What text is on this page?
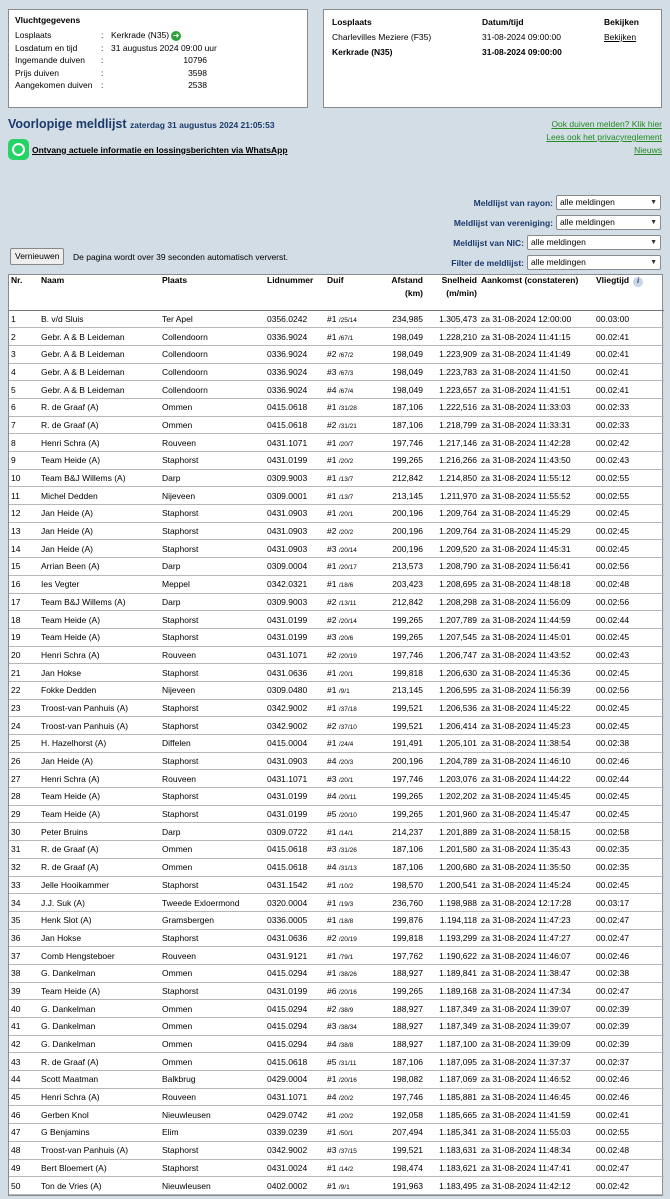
Vluchtgegevens
Losplaats	: Kerkrade (N35) ➜
Losdatum en tijd	: 31 augustus 2024 09:00 uur
Ingemande duiven	:	10796
Prijs duiven	:	3598
Aangekomen duiven :	2538
Losplaats	Datum/tijd	Bekijken
Charlevilles Meziere (F35)	31-08-2024 09:00:00	Bekijken
Kerkrade (N35)	31-08-2024 09:00:00
Voorlopige meldlijst zaterdag 31 augustus 2024 21:05:53	Ook duiven melden? Klik hier
Lees ook het privacyreglement
Nieuws
Ontvang actuele informatie en lossingsberichten via WhatsApp
Meldlijst van rayon: alle meldingen	▼
Meldlijst van vereniging: alle meldingen	▼
Meldlijst van NIC: alle meldingen	▼
Filter de meldlijst: alle meldingen	▼
Vernieuwen	De pagina wordt over 39 seconden automatisch ververst.
Nr.	Naam	Plaats	Lidnummer	Duif	Afstand
(km)	Snelheid
(m/min)	Aankomst (constateren)	Vliegtijd i
1	B. v/d Sluis	Ter Apel	0356.0242	#1 /25/14	234,985	1.305,473	za 31-08-2024 12:00:00	00.03:00
2	Gebr. A & B Leideman	Collendoorn	0336.9024	#1 /67/1	198,049	1.228,210	za 31-08-2024 11:41:15	00.02:41
3	Gebr. A & B Leideman	Collendoorn	0336.9024	#2 /67/2	198,049	1.223,909	za 31-08-2024 11:41:49	00.02:41
4	Gebr. A & B Leideman	Collendoorn	0336.9024	#3 /67/3	198,049	1.223,783	za 31-08-2024 11:41:50	00.02:41
5	Gebr. A & B Leideman	Collendoorn	0336.9024	#4 /67/4	198,049	1.223,657	za 31-08-2024 11:41:51	00.02:41
6	R. de Graaf (A)	Ommen	0415.0618	#1 /31/28	187,106	1.222,516	za 31-08-2024 11:33:03	00.02:33
7	R. de Graaf (A)	Ommen	0415.0618	#2 /31/21	187,106	1.218,799	za 31-08-2024 11:33:31	00.02:33
8	Henri Schra (A)	Rouveen	0431.1071	#1 /20/7	197,746	1.217,146	za 31-08-2024 11:42:28	00.02:42
9	Team Heide (A)	Staphorst	0431.0199	#1 /20/2	199,265	1.216,266	za 31-08-2024 11:43:50	00.02:43
10	Team B&J Willems (A)	Darp	0309.9003	#1 /13/7	212,842	1.214,850	za 31-08-2024 11:55:12	00.02:55
11	Michel Dedden	Nijeveen	0309.0001	#1 /13/7	213,145	1.211,970	za 31-08-2024 11:55:52	00.02:55
12	Jan Heide (A)	Staphorst	0431.0903	#1 /20/1	200,196	1.209,764	za 31-08-2024 11:45:29	00.02:45
13	Jan Heide (A)	Staphorst	0431.0903	#2 /20/2	200,196	1.209,764	za 31-08-2024 11:45:29	00.02:45
14	Jan Heide (A)	Staphorst	0431.0903	#3 /20/14	200,196	1.209,520	za 31-08-2024 11:45:31	00.02:45
15	Arrian Been (A)	Darp	0309.0004	#1 /20/17	213,573	1.208,790	za 31-08-2024 11:56:41	00.02:56
16	Ies Vegter	Meppel	0342.0321	#1 /18/6	203,423	1.208,695	za 31-08-2024 11:48:18	00.02:48
17	Team B&J Willems (A)	Darp	0309.9003	#2 /13/11	212,842	1.208,298	za 31-08-2024 11:56:09	00.02:56
18	Team Heide (A)	Staphorst	0431.0199	#2 /20/14	199,265	1.207,789	za 31-08-2024 11:44:59	00.02:44
19	Team Heide (A)	Staphorst	0431.0199	#3 /20/6	199,265	1.207,545	za 31-08-2024 11:45:01	00.02:45
20	Henri Schra (A)	Rouveen	0431.1071	#2 /20/19	197,746	1.206,747	za 31-08-2024 11:43:52	00.02:43
21	Jan Hokse	Staphorst	0431.0636	#1 /20/1	199,818	1.206,630	za 31-08-2024 11:45:36	00.02:45
22	Fokke Dedden	Nijeveen	0309.0480	#1 /9/1	213,145	1.206,595	za 31-08-2024 11:56:39	00.02:56
23	Troost-van Panhuis (A)	Staphorst	0342.9002	#1 /37/18	199,521	1.206,536	za 31-08-2024 11:45:22	00.02:45
24	Troost-van Panhuis (A)	Staphorst	0342.9002	#2 /37/10	199,521	1.206,414	za 31-08-2024 11:45:23	00.02:45
25	H. Hazelhorst (A)	Diffelen	0415.0004	#1 /24/4	191,491	1.205,101	za 31-08-2024 11:38:54	00.02:38
26	Jan Heide (A)	Staphorst	0431.0903	#4 /20/3	200,196	1.204,789	za 31-08-2024 11:46:10	00.02:46
27	Henri Schra (A)	Rouveen	0431.1071	#3 /20/1	197,746	1.203,076	za 31-08-2024 11:44:22	00.02:44
28	Team Heide (A)	Staphorst	0431.0199	#4 /20/11	199,265	1.202,202	za 31-08-2024 11:45:45	00.02:45
29	Team Heide (A)	Staphorst	0431.0199	#5 /20/10	199,265	1.201,960	za 31-08-2024 11:45:47	00.02:45
30	Peter Bruins	Darp	0309.0722	#1 /14/1	214,237	1.201,889	za 31-08-2024 11:58:15	00.02:58
31	R. de Graaf (A)	Ommen	0415.0618	#3 /31/26	187,106	1.201,580	za 31-08-2024 11:35:43	00.02:35
32	R. de Graaf (A)	Ommen	0415.0618	#4 /31/13	187,106	1.200,680	za 31-08-2024 11:35:50	00.02:35
33	Jelle Hooikammer	Staphorst	0431.1542	#1 /10/2	198,570	1.200,541	za 31-08-2024 11:45:24	00.02:45
34	J.J. Suk (A)	Tweede Exloermond	0320.0004	#1 /19/3	236,760	1.198,988	za 31-08-2024 12:17:28	00.03:17
35	Henk Slot (A)	Gramsbergen	0336.0005	#1 /18/8	199,876	1.194,118	za 31-08-2024 11:47:23	00.02:47
36	Jan Hokse	Staphorst	0431.0636	#2 /20/19	199,818	1.193,299	za 31-08-2024 11:47:27	00.02:47
37	Comb Hengsteboer	Rouveen	0431.9121	#1 /79/1	197,762	1.190,622	za 31-08-2024 11:46:07	00.02:46
38	G. Dankelman	Ommen	0415.0294	#1 /38/26	188,927	1.189,841	za 31-08-2024 11:38:47	00.02:38
39	Team Heide (A)	Staphorst	0431.0199	#6 /20/16	199,265	1.189,168	za 31-08-2024 11:47:34	00.02:47
40	G. Dankelman	Ommen	0415.0294	#2 /38/9	188,927	1.187,349	za 31-08-2024 11:39:07	00.02:39
41	G. Dankelman	Ommen	0415.0294	#3 /38/34	188,927	1.187,349	za 31-08-2024 11:39:07	00.02:39
42	G. Dankelman	Ommen	0415.0294	#4 /38/8	188,927	1.187,100	za 31-08-2024 11:39:09	00.02:39
43	R. de Graaf (A)	Ommen	0415.0618	#5 /31/11	187,106	1.187,095	za 31-08-2024 11:37:37	00.02:37
44	Scott Maatman	Balkbrug	0429.0004	#1 /20/16	198,082	1.187,069	za 31-08-2024 11:46:52	00.02:46
45	Henri Schra (A)	Rouveen	0431.1071	#4 /20/2	197,746	1.185,881	za 31-08-2024 11:46:45	00.02:46
46	Gerben Knol	Nieuwleusen	0429.0742	#1 /20/2	192,058	1.185,665	za 31-08-2024 11:41:59	00.02:41
47	G Benjamins	Elim	0339.0239	#1 /50/1	207,494	1.185,341	za 31-08-2024 11:55:03	00.02:55
48	Troost-van Panhuis (A)	Staphorst	0342.9002	#3 /37/15	199,521	1.183,631	za 31-08-2024 11:48:34	00.02:48
49	Bert Bloemert (A)	Staphorst	0431.0024	#1 /14/2	198,474	1.183,621	za 31-08-2024 11:47:41	00.02:47
50	Ton de Vries (A)	Nieuwleusen	0402.0002	#1 /9/1	191,963	1.183,495	za 31-08-2024 11:42:12	00.02:42
